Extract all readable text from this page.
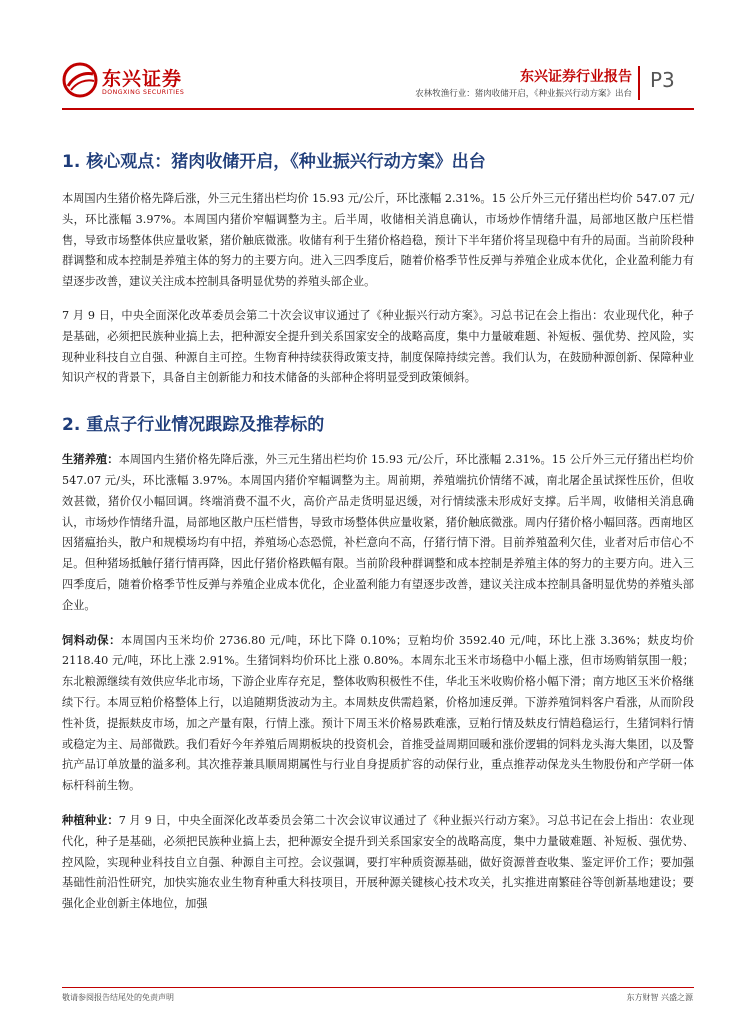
东兴证券
DONGXING SECURITIES
东兴证券行业报告
农林牧渔行业：猪肉收储开启，《种业振兴行动方案》出台
P3
1. 核心观点：猪肉收储开启，《种业振兴行动方案》出台

本周国内生猪价格先降后涨，外三元生猪出栏均价 15.93 元/公斤，环比涨幅 2.31%。15 公斤外三元仔猪出栏均价 547.07 元/头，环比涨幅 3.97%。本周国内猪价窄幅调整为主。后半周，收储相关消息确认，市场炒作情绪升温，局部地区散户压栏惜售，导致市场整体供应量收紧，猪价触底微涨。收储有利于生猪价格趋稳，预计下半年猪价将呈现稳中有升的局面。当前阶段种群调整和成本控制是养殖主体的努力的主要方向。进入三四季度后，随着价格季节性反弹与养殖企业成本优化，企业盈利能力有望逐步改善，建议关注成本控制具备明显优势的养殖头部企业。

7 月 9 日，中央全面深化改革委员会第二十次会议审议通过了《种业振兴行动方案》。习总书记在会上指出：农业现代化，种子是基础，必须把民族种业搞上去，把种源安全提升到关系国家安全的战略高度，集中力量破难题、补短板、强优势、控风险，实现种业科技自立自强、种源自主可控。生物育种持续获得政策支持，制度保障持续完善。我们认为，在鼓励种源创新、保障种业知识产权的背景下，具备自主创新能力和技术储备的头部种企将明显受到政策倾斜。

2. 重点子行业情况跟踪及推荐标的

生猪养殖：本周国内生猪价格先降后涨，外三元生猪出栏均价 15.93 元/公斤，环比涨幅 2.31%。15 公斤外三元仔猪出栏均价 547.07 元/头，环比涨幅 3.97%。本周国内猪价窄幅调整为主。周前期，养殖端抗价情绪不减，南北屠企虽试探性压价，但收效甚微，猪价仅小幅回调。终端消费不温不火，高价产品走货明显迟缓，对行情续涨未形成好支撑。后半周，收储相关消息确认，市场炒作情绪升温，局部地区散户压栏惜售，导致市场整体供应量收紧，猪价触底微涨。周内仔猪价格小幅回落。西南地区因猪瘟抬头，散户和规模场均有中招，养殖场心态恐慌，补栏意向不高，仔猪行情下滑。目前养殖盈利欠佳，业者对后市信心不足。但种猪场抵触仔猪行情再降，因此仔猪价格跌幅有限。当前阶段种群调整和成本控制是养殖主体的努力的主要方向。进入三四季度后，随着价格季节性反弹与养殖企业成本优化，企业盈利能力有望逐步改善，建议关注成本控制具备明显优势的养殖头部企业。

饲料动保：本周国内玉米均价 2736.80 元/吨，环比下降 0.10%；豆粕均价 3592.40 元/吨，环比上涨 3.36%；麸皮均价 2118.40 元/吨，环比上涨 2.91%。生猪饲料均价环比上涨 0.80%。本周东北玉米市场稳中小幅上涨，但市场购销氛围一般；东北粮源继续有效供应华北市场，下游企业库存充足，整体收购积极性不佳，华北玉米收购价格小幅下滑；南方地区玉米价格继续下行。本周豆粕价格整体上行，以追随期货波动为主。本周麸皮供需趋紧，价格加速反弹。下游养殖饲料客户看涨，从而阶段性补货，提振麸皮市场，加之产量有限，行情上涨。预计下周玉米价格易跌难涨，豆粕行情及麸皮行情趋稳运行，生猪饲料行情或稳定为主、局部微跌。我们看好今年养殖后周期板块的投资机会，首推受益周期回暖和涨价逻辑的饲料龙头海大集团，以及警抗产品订单放量的溢多利。其次推荐兼具顺周期属性与行业自身提质扩容的动保行业，重点推荐动保龙头生物股份和产学研一体标杆科前生物。

种植种业：7 月 9 日，中央全面深化改革委员会第二十次会议审议通过了《种业振兴行动方案》。习总书记在会上指出：农业现代化，种子是基础，必须把民族种业搞上去，把种源安全提升到关系国家安全的战略高度，集中力量破难题、补短板、强优势、控风险，实现种业科技自立自强、种源自主可控。会议强调，要打牢种质资源基础，做好资源普查收集、鉴定评价工作；要加强基础性前沿性研究，加快实施农业生物育种重大科技项目，开展种源关键核心技术攻关，扎实推进南繁硅谷等创新基地建设；要强化企业创新主体地位，加强

敬请参阅报告结尾处的免责声明	东方财智 兴盛之源
